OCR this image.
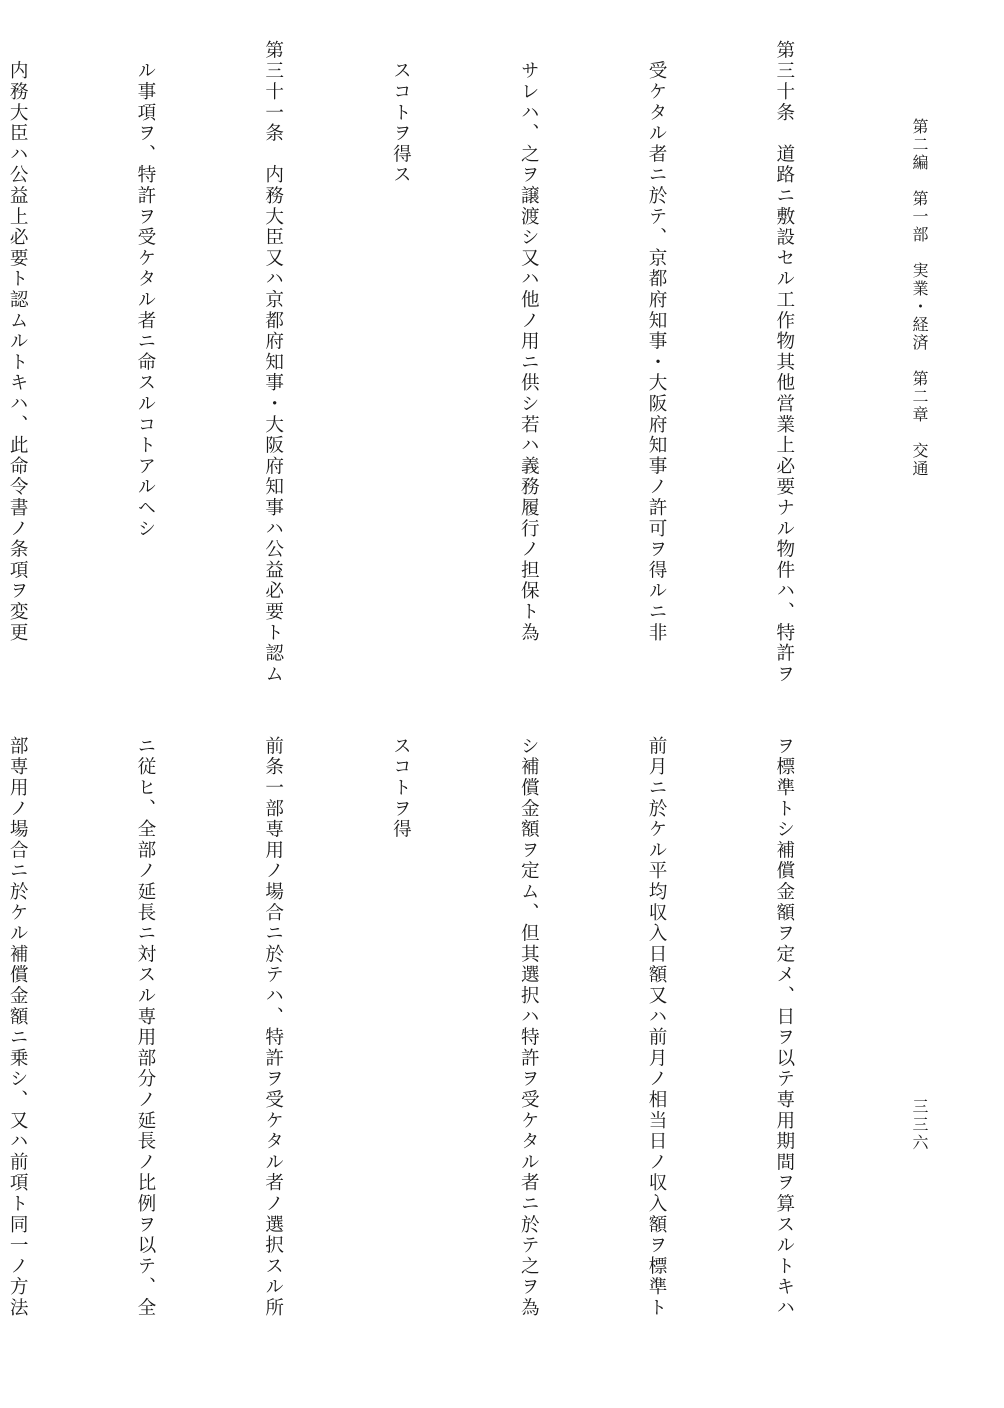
第二編　第一部　実業・経済　第二章　交通
三三六

第三十条　道路ニ敷設セル工作物其他営業上必要ナル物件ハ、特許ヲ

　受ケタル者ニ於テ、京都府知事・大阪府知事ノ許可ヲ得ルニ非

　サレハ、之ヲ譲渡シ又ハ他ノ用ニ供シ若ハ義務履行ノ担保ト為

　スコトヲ得ス

第三十一条　内務大臣又ハ京都府知事・大阪府知事ハ公益必要ト認ム

　ル事項ヲ、特許ヲ受ケタル者ニ命スルコトアルヘシ

　内務大臣ハ公益上必要ト認ムルトキハ、此命令書ノ条項ヲ変更

ヲ標準トシ補償金額ヲ定メ、日ヲ以テ専用期間ヲ算スルトキハ

前月ニ於ケル平均収入日額又ハ前月ノ相当日ノ収入額ヲ標準ト

シ補償金額ヲ定ム、但其選択ハ特許ヲ受ケタル者ニ於テ之ヲ為

スコトヲ得

前条一部専用ノ場合ニ於テハ、特許ヲ受ケタル者ノ選択スル所

ニ従ヒ、全部ノ延長ニ対スル専用部分ノ延長ノ比例ヲ以テ、全

部専用ノ場合ニ於ケル補償金額ニ乗シ、又ハ前項ト同一ノ方法
